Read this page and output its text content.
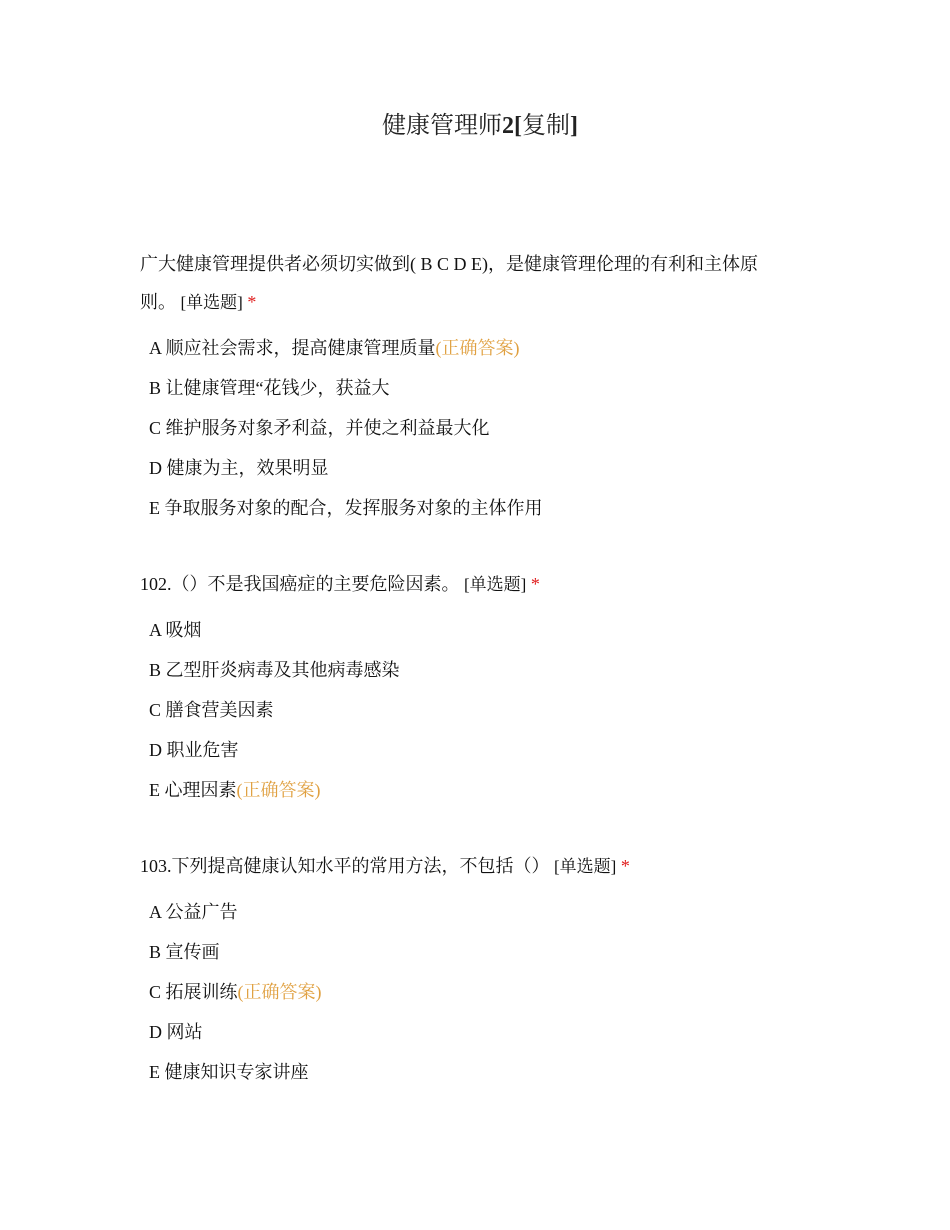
健康管理师2[复制]

广大健康管理提供者必须切实做到( B C D E)，是健康管理伦理的有利和主体原则。 [单选题] *

A 顺应社会需求，提高健康管理质量(正确答案)
B 让健康管理“花钱少，获益大
C 维护服务对象矛利益，并使之利益最大化
D 健康为主，效果明显
E 争取服务对象的配合，发挥服务对象的主体作用

102.（）不是我国癌症的主要危险因素。 [单选题] *

A 吸烟
B 乙型肝炎病毒及其他病毒感染
C 膳食营美因素
D 职业危害
E 心理因素(正确答案)

103.下列提高健康认知水平的常用方法，不包括（） [单选题] *

A 公益广告
B 宣传画
C 拓展训练(正确答案)
D 网站
E 健康知识专家讲座
